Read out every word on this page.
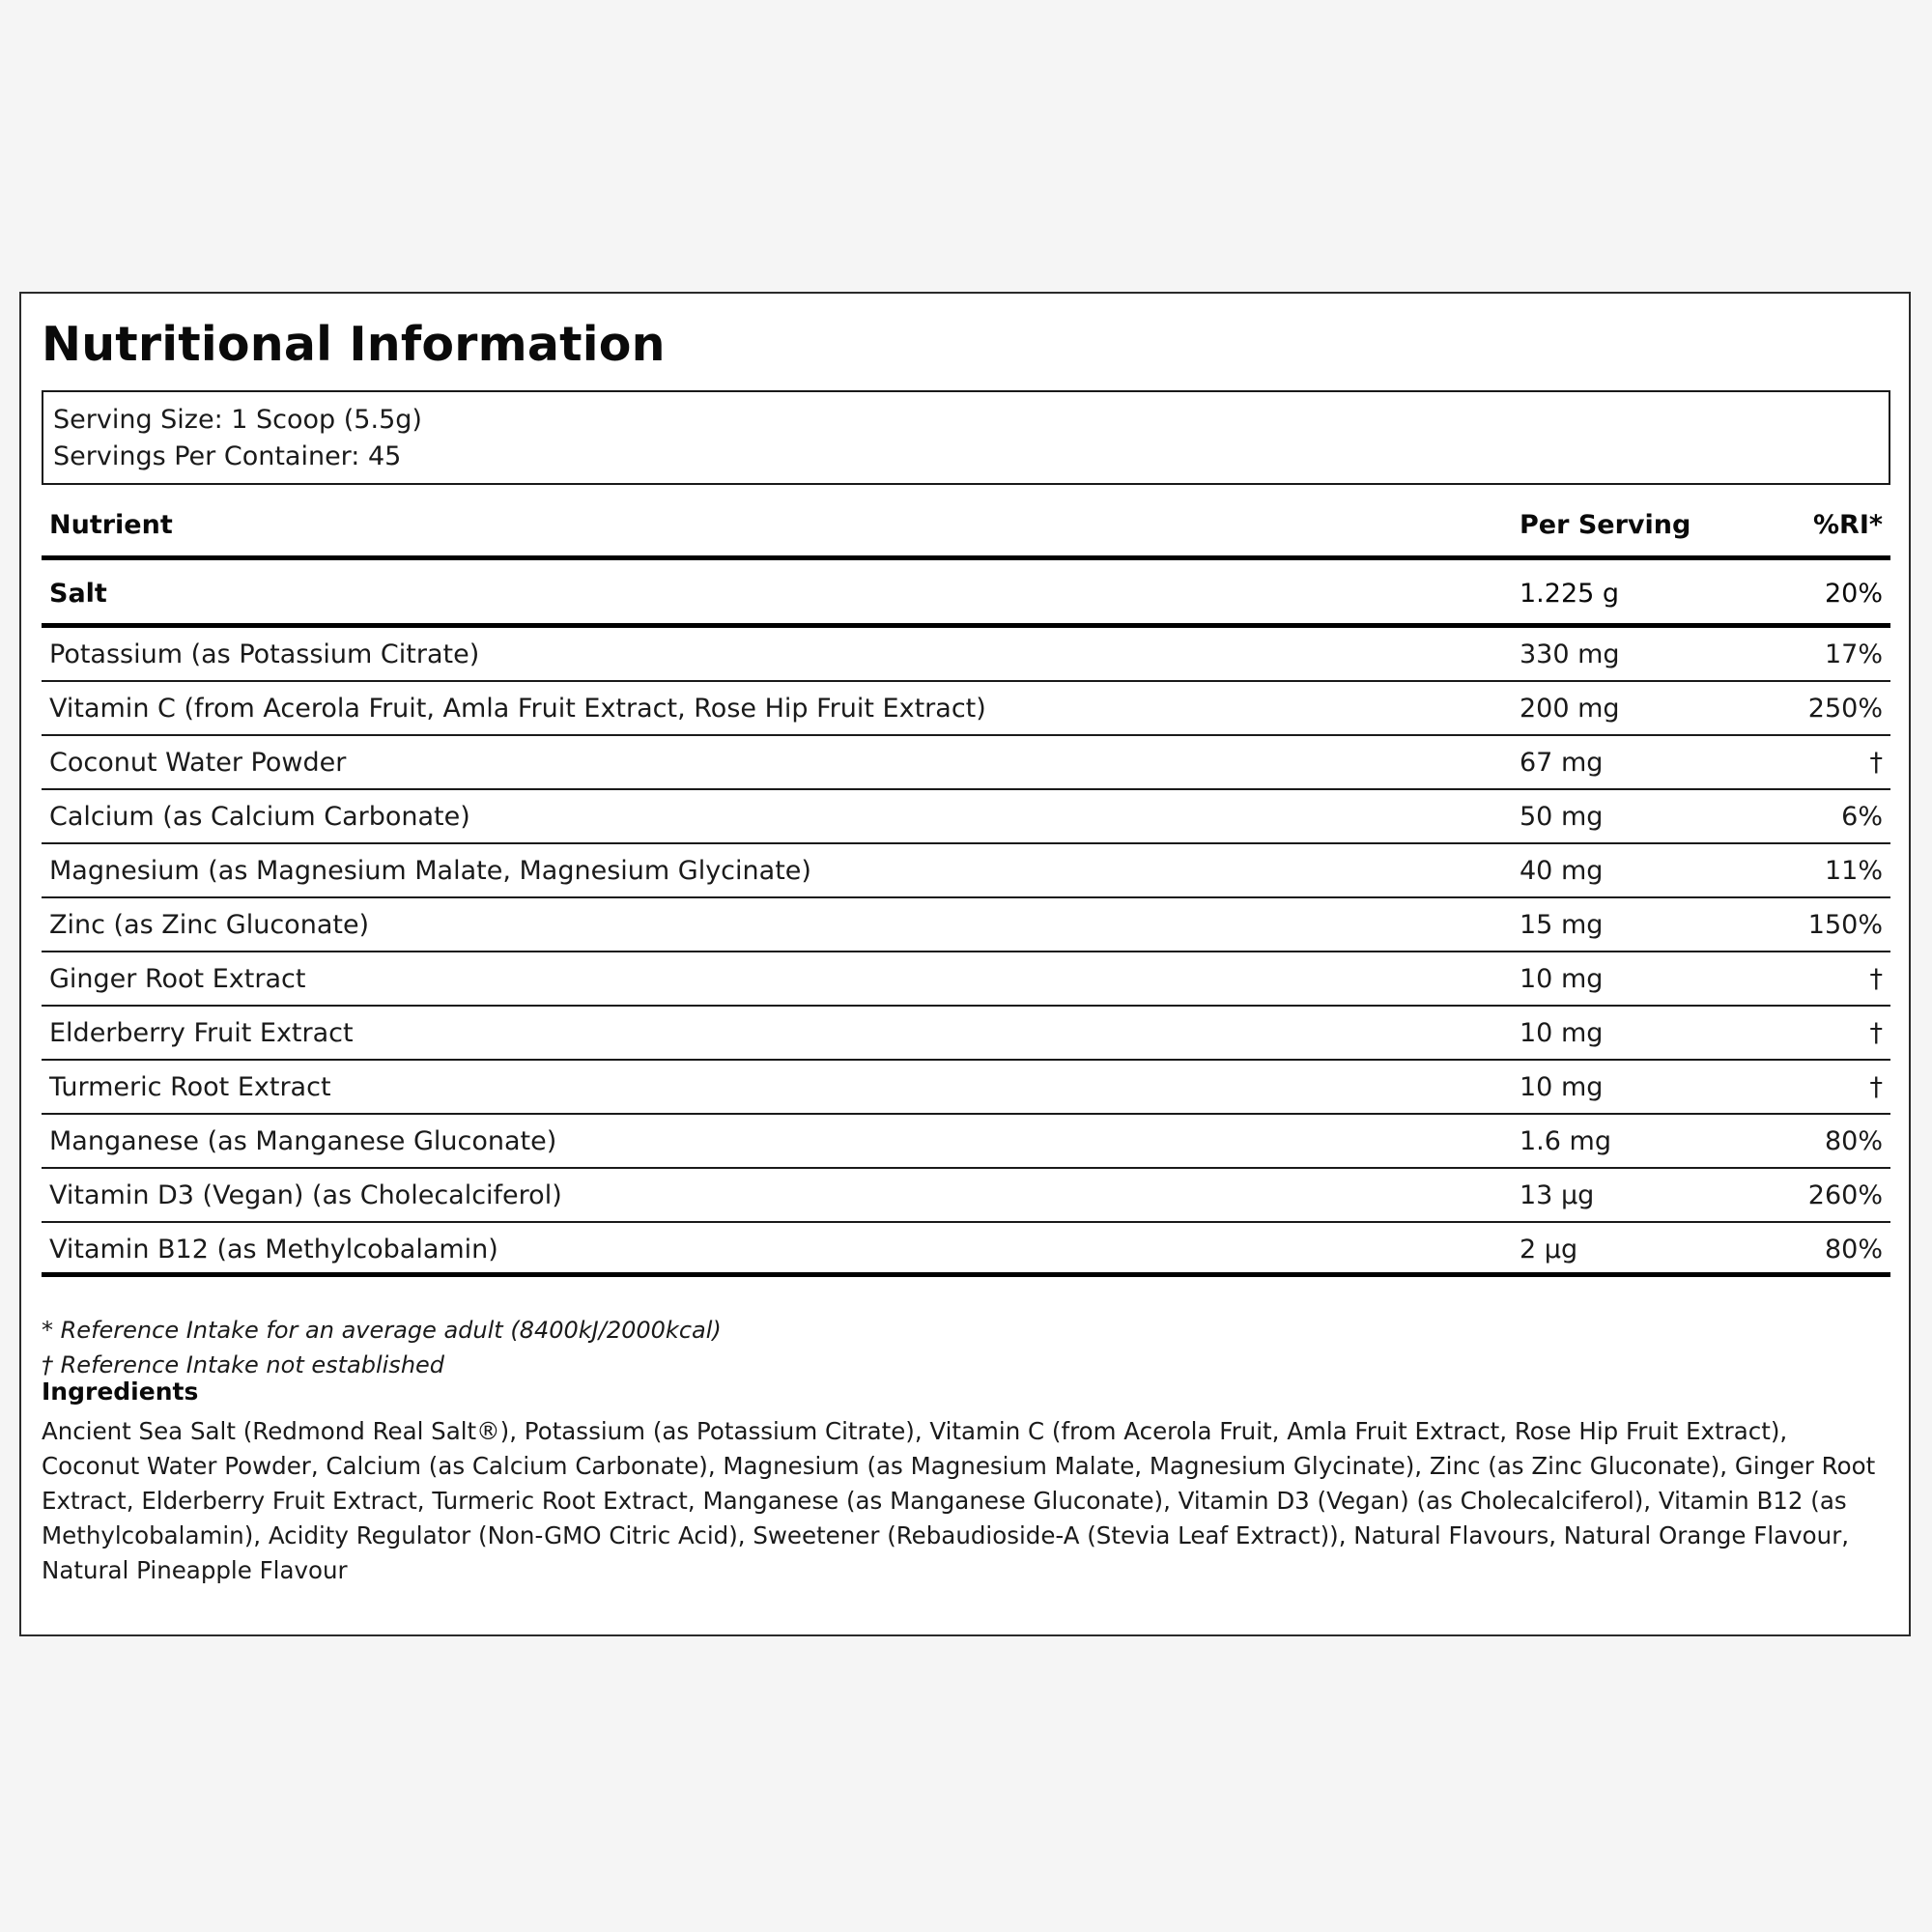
Nutritional Information
Serving Size: 1 Scoop (5.5g)
Servings Per Container: 45
Nutrient	Per Serving	%RI*
Salt	1.225 g	20%
Potassium (as Potassium Citrate)	330 mg	17%
Vitamin C (from Acerola Fruit, Amla Fruit Extract, Rose Hip Fruit Extract)	200 mg	250%
Coconut Water Powder	67 mg	†
Calcium (as Calcium Carbonate)	50 mg	6%
Magnesium (as Magnesium Malate, Magnesium Glycinate)	40 mg	11%
Zinc (as Zinc Gluconate)	15 mg	150%
Ginger Root Extract	10 mg	†
Elderberry Fruit Extract	10 mg	†
Turmeric Root Extract	10 mg	†
Manganese (as Manganese Gluconate)	1.6 mg	80%
Vitamin D3 (Vegan) (as Cholecalciferol)	13 µg	260%
Vitamin B12 (as Methylcobalamin)	2 µg	80%
* Reference Intake for an average adult (8400kJ/2000kcal)
† Reference Intake not established
Ingredients
Ancient Sea Salt (Redmond Real Salt®), Potassium (as Potassium Citrate), Vitamin C (from Acerola Fruit, Amla Fruit Extract, Rose Hip Fruit Extract), Coconut Water Powder, Calcium (as Calcium Carbonate), Magnesium (as Magnesium Malate, Magnesium Glycinate), Zinc (as Zinc Gluconate), Ginger Root Extract, Elderberry Fruit Extract, Turmeric Root Extract, Manganese (as Manganese Gluconate), Vitamin D3 (Vegan) (as Cholecalciferol), Vitamin B12 (as Methylcobalamin), Acidity Regulator (Non-GMO Citric Acid), Sweetener (Rebaudioside-A (Stevia Leaf Extract)), Natural Flavours, Natural Orange Flavour, Natural Pineapple Flavour
